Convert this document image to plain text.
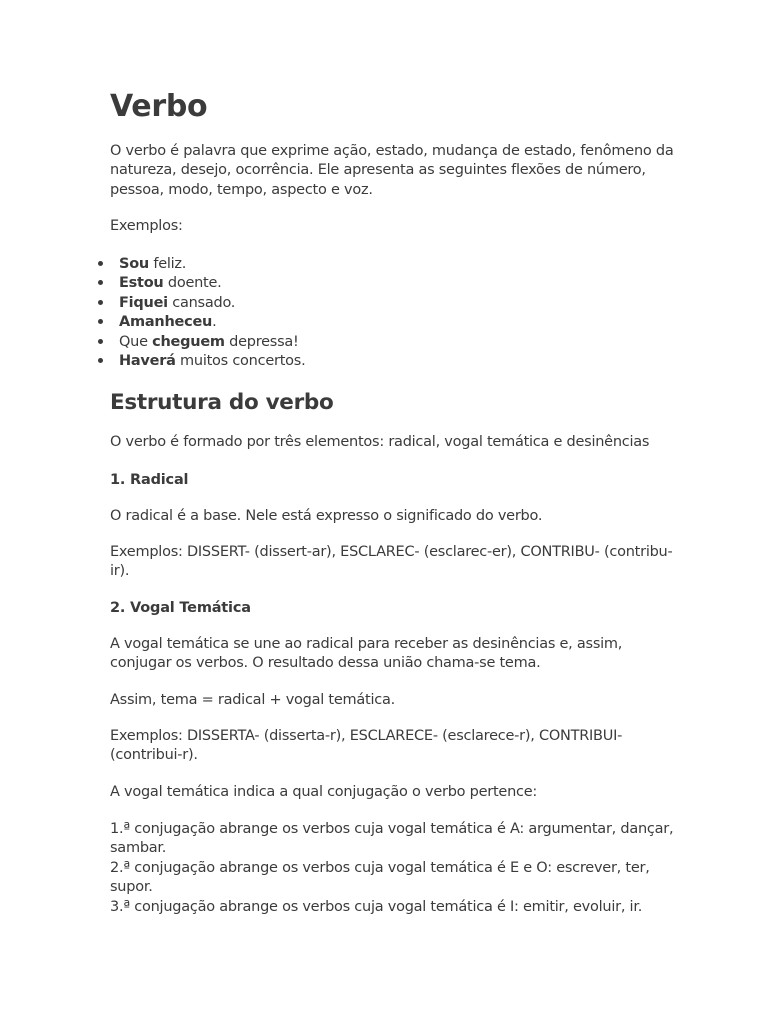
Verbo
O verbo é palavra que exprime ação, estado, mudança de estado, fenômeno da
natureza, desejo, ocorrência. Ele apresenta as seguintes flexões de número,
pessoa, modo, tempo, aspecto e voz.
Exemplos:
Sou feliz.
Estou doente.
Fiquei cansado.
Amanheceu.
Que cheguem depressa!
Haverá muitos concertos.
Estrutura do verbo
O verbo é formado por três elementos: radical, vogal temática e desinências
1. Radical
O radical é a base. Nele está expresso o significado do verbo.
Exemplos: DISSERT- (dissert-ar), ESCLAREC- (esclarec-er), CONTRIBU- (contribu-
ir).
2. Vogal Temática
A vogal temática se une ao radical para receber as desinências e, assim,
conjugar os verbos. O resultado dessa união chama-se tema.
Assim, tema = radical + vogal temática.
Exemplos: DISSERTA- (disserta-r), ESCLARECE- (esclarece-r), CONTRIBUI-
(contribui-r).
A vogal temática indica a qual conjugação o verbo pertence:
1.ª conjugação abrange os verbos cuja vogal temática é A: argumentar, dançar,
sambar.
2.ª conjugação abrange os verbos cuja vogal temática é E e O: escrever, ter,
supor.
3.ª conjugação abrange os verbos cuja vogal temática é I: emitir, evoluir, ir.
